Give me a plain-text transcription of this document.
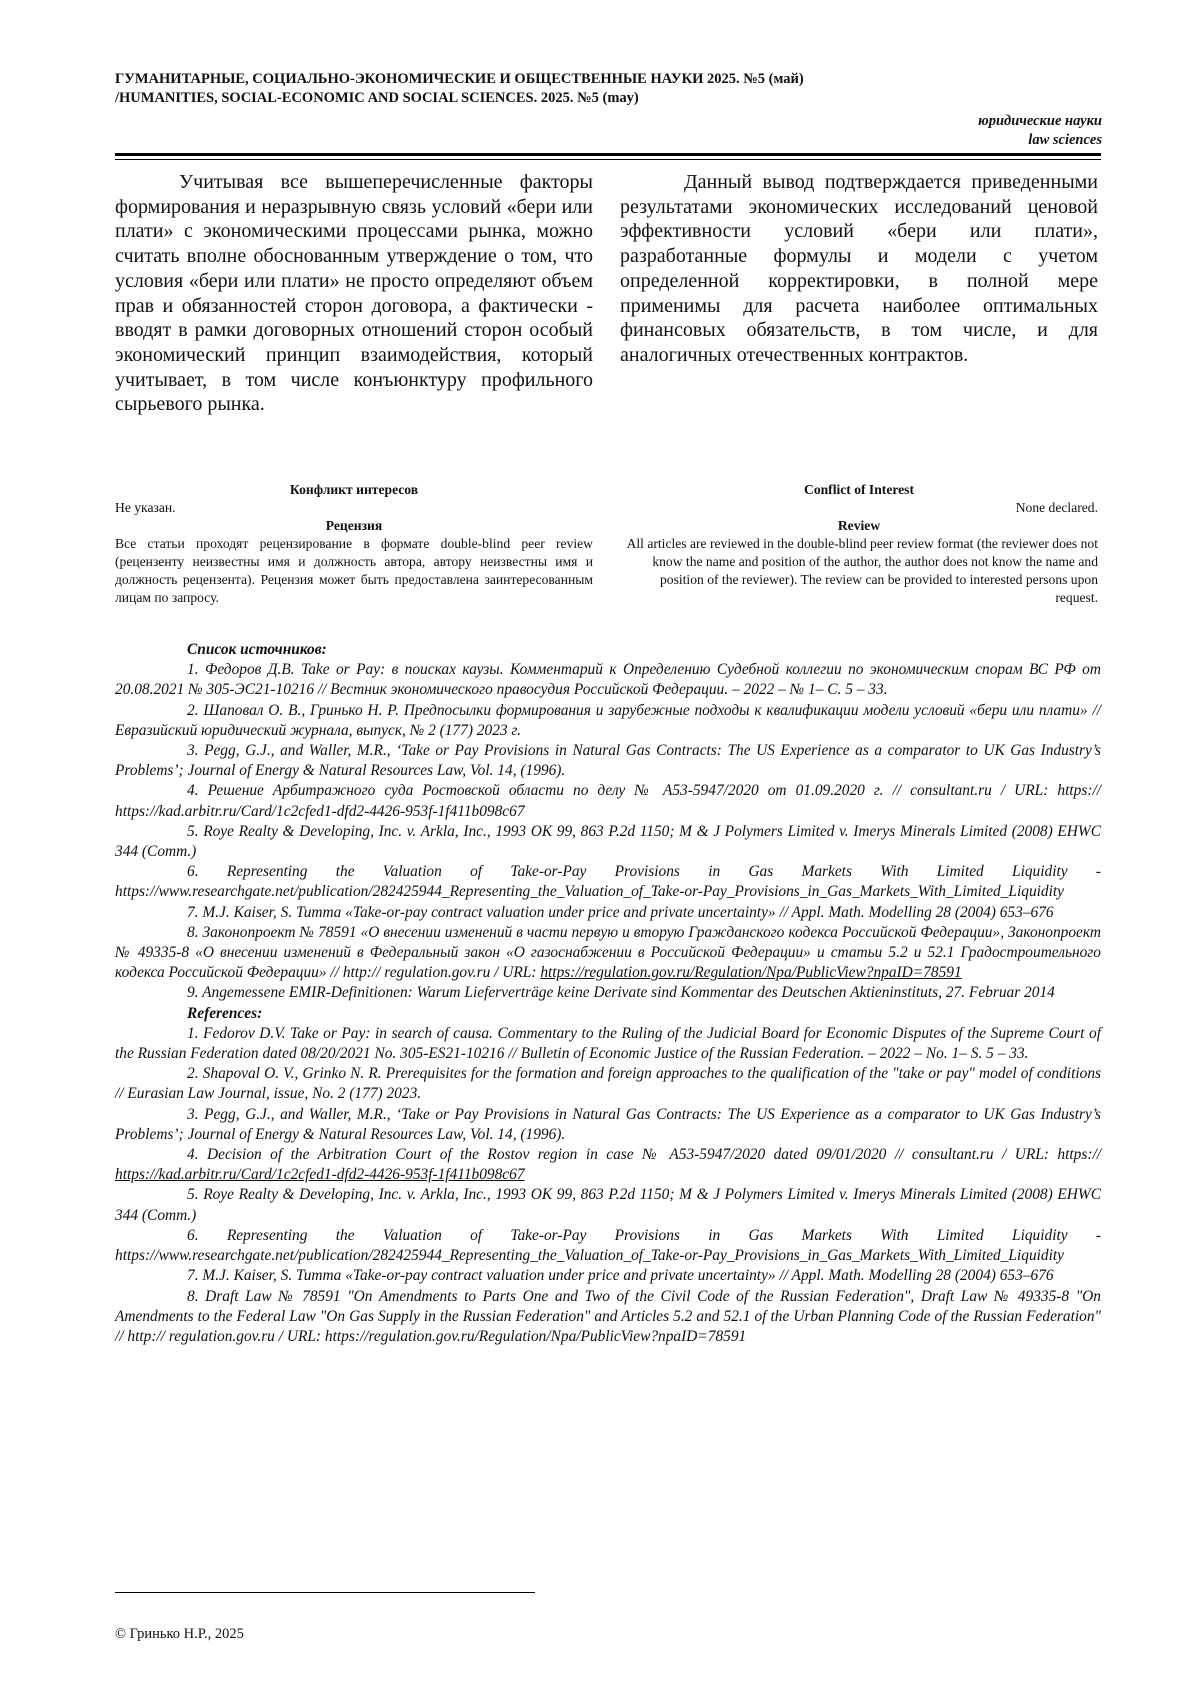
ГУМАНИТАРНЫЕ, СОЦИАЛЬНО-ЭКОНОМИЧЕСКИЕ И ОБЩЕСТВЕННЫЕ НАУКИ 2025. №5 (май)
/HUMANITIES, SOCIAL-ECONOMIC AND SOCIAL SCIENCES. 2025. №5 (may)
юридические науки
law sciences

Учитывая все вышеперечисленные факторы формирования и неразрывную связь условий «бери или плати» с экономическими процессами рынка, можно считать вполне обоснованным утверждение о том, что условия «бери или плати» не просто определяют объем прав и обязанностей сторон договора, а фактически - вводят в рамки договорных отношений сторон особый экономический принцип взаимодействия, который учитывает, в том числе конъюнктуру профильного сырьевого рынка.

Данный вывод подтверждается приведенными результатами экономических исследований ценовой эффективности условий «бери или плати», разработанные формулы и модели с учетом определенной корректировки, в полной мере применимы для расчета наиболее оптимальных финансовых обязательств, в том числе, и для аналогичных отечественных контрактов.

Конфликт интересов
Не указан.
Рецензия

Все статьи проходят рецензирование в формате double-blind peer review (рецензенту неизвестны имя и должность автора, автору неизвестны имя и должность рецензента). Рецензия может быть предоставлена заинтересованным лицам по запросу.

Conflict of Interest
None declared.
Review

All articles are reviewed in the double-blind peer review format (the reviewer does not know the name and position of the author, the author does not know the name and position of the reviewer). The review can be provided to interested persons upon request.

Список источников:

1. Федоров Д.В. Take or Pay: в поисках каузы. Комментарий к Определению Судебной коллегии по экономическим спорам ВС РФ от 20.08.2021 № 305-ЭС21-10216 // Вестник экономического правосудия Российской Федерации. – 2022 – № 1– С. 5 – 33.

2. Шаповал О. В., Гринько Н. Р. Предпосылки формирования и зарубежные подходы к квалификации модели условий «бери или плати» // Евразийский юридический журнала, выпуск, № 2 (177) 2023 г.

3. Pegg, G.J., and Waller, M.R., ‘Take or Pay Provisions in Natural Gas Contracts: The US Experience as a comparator to UK Gas Industry’s Problems’; Journal of Energy & Natural Resources Law, Vol. 14, (1996).

4. Решение Арбитражного суда Ростовской области по делу № А53-5947/2020 от 01.09.2020 г. // consultant.ru / URL: https:// https://kad.arbitr.ru/Card/1c2cfed1-dfd2-4426-953f-1f411b098c67

5. Roye Realty & Developing, Inc. v. Arkla, Inc., 1993 OK 99, 863 P.2d 1150; M & J Polymers Limited v. Imerys Minerals Limited (2008) EHWC 344 (Comm.)

6. Representing the Valuation of Take-or-Pay Provisions in Gas Markets With Limited Liquidity -https://www.researchgate.net/publication/282425944_Representing_the_Valuation_of_Take-or-Pay_Provisions_in_Gas_Markets_With_Limited_Liquidity

7. M.J. Kaiser, S. Tumma «Take-or-pay contract valuation under price and private uncertainty» // Appl. Math. Modelling 28 (2004) 653–676

8. Законопроект № 78591 «О внесении изменений в части первую и вторую Гражданского кодекса Российской Федерации», Законопроект № 49335-8 «О внесении изменений в Федеральный закон «О газоснабжении в Российской Федерации» и статьи 5.2 и 52.1 Градостроительного кодекса Российской Федерации» // http:// regulation.gov.ru / URL: https://regulation.gov.ru/Regulation/Npa/PublicView?npaID=78591

9. Angemessene EMIR-Definitionen: Warum Lieferverträge keine Derivate sind Kommentar des Deutschen Aktieninstituts, 27. Februar 2014

References:

1. Fedorov D.V. Take or Pay: in search of causa. Commentary to the Ruling of the Judicial Board for Economic Disputes of the Supreme Court of the Russian Federation dated 08/20/2021 No. 305-ES21-10216 // Bulletin of Economic Justice of the Russian Federation. – 2022 – No. 1– S. 5 – 33.

2. Shapoval O. V., Grinko N. R. Prerequisites for the formation and foreign approaches to the qualification of the "take or pay" model of conditions // Eurasian Law Journal, issue, No. 2 (177) 2023.

3. Pegg, G.J., and Waller, M.R., ‘Take or Pay Provisions in Natural Gas Contracts: The US Experience as a comparator to UK Gas Industry’s Problems’; Journal of Energy & Natural Resources Law, Vol. 14, (1996).

4. Decision of the Arbitration Court of the Rostov region in case № A53-5947/2020 dated 09/01/2020 // consultant.ru / URL: https:// https://kad.arbitr.ru/Card/1c2cfed1-dfd2-4426-953f-1f411b098c67

5. Roye Realty & Developing, Inc. v. Arkla, Inc., 1993 OK 99, 863 P.2d 1150; M & J Polymers Limited v. Imerys Minerals Limited (2008) EHWC 344 (Comm.)

6. Representing the Valuation of Take-or-Pay Provisions in Gas Markets With Limited Liquidity -https://www.researchgate.net/publication/282425944_Representing_the_Valuation_of_Take-or-Pay_Provisions_in_Gas_Markets_With_Limited_Liquidity

7. M.J. Kaiser, S. Tumma «Take-or-pay contract valuation under price and private uncertainty» // Appl. Math. Modelling 28 (2004) 653–676

8. Draft Law № 78591 "On Amendments to Parts One and Two of the Civil Code of the Russian Federation", Draft Law № 49335-8 "On Amendments to the Federal Law "On Gas Supply in the Russian Federation" and Articles 5.2 and 52.1 of the Urban Planning Code of the Russian Federation" // http:// regulation.gov.ru / URL: https://regulation.gov.ru/Regulation/Npa/PublicView?npaID=78591

© Гринько Н.Р., 2025
